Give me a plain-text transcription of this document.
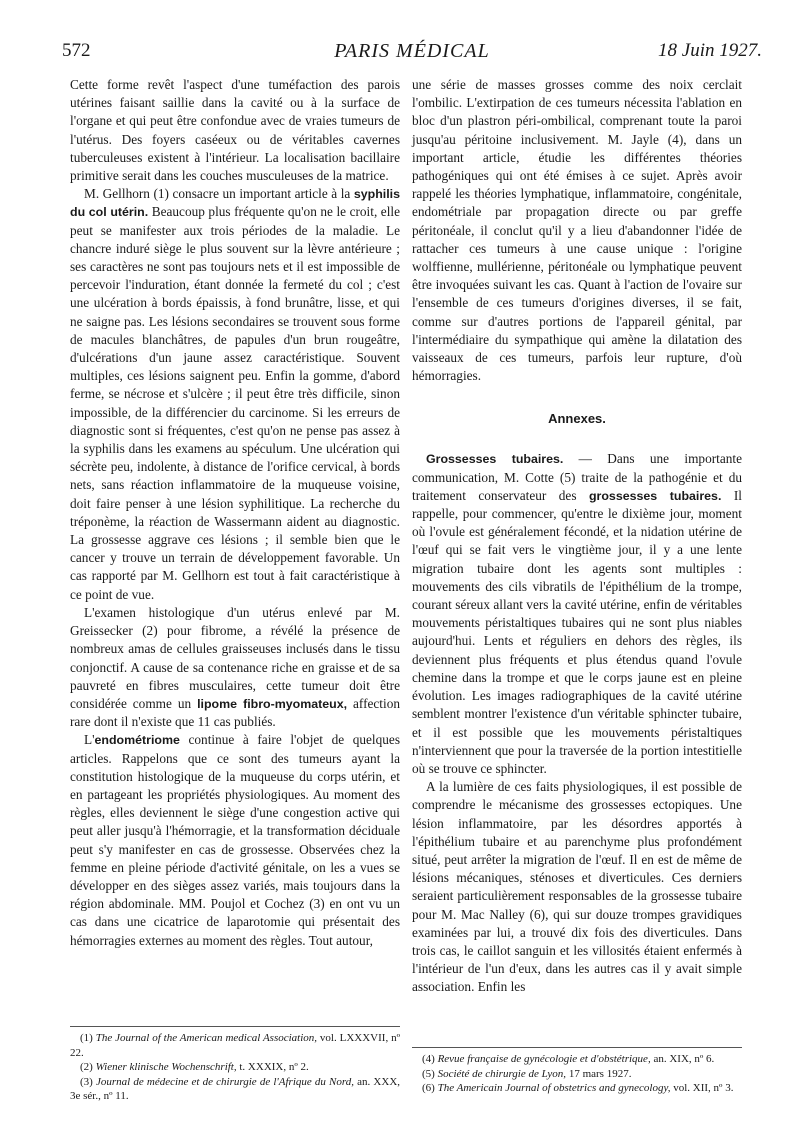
572	PARIS MÉDICAL	18 Juin 1927.

Cette forme revêt l'aspect d'une tuméfaction des parois utérines faisant saillie dans la cavité ou à la surface de l'organe et qui peut être confondue avec de vraies tumeurs de l'utérus. Des foyers caséeux ou de véritables cavernes tuberculeuses existent à l'intérieur. La localisation bacillaire primitive serait dans les couches musculeuses de la matrice.

M. Gellhorn (1) consacre un important article à la syphilis du col utérin. Beaucoup plus fréquente qu'on ne le croit, elle peut se manifester aux trois périodes de la maladie. Le chancre induré siège le plus souvent sur la lèvre antérieure ; ses caractères ne sont pas toujours nets et il est impossible de percevoir l'induration, étant donnée la fermeté du col ; c'est une ulcération à bords épaissis, à fond brunâtre, lisse, et qui ne saigne pas. Les lésions secondaires se trouvent sous forme de macules blanchâtres, de papules d'un brun rougeâtre, d'ulcérations d'un jaune assez caractéristique. Souvent multiples, ces lésions saignent peu. Enfin la gomme, d'abord ferme, se nécrose et s'ulcère ; il peut être très difficile, sinon impossible, de la différencier du carcinome. Si les erreurs de diagnostic sont si fréquentes, c'est qu'on ne pense pas assez à la syphilis dans les examens au spéculum. Une ulcération qui sécrète peu, indolente, à distance de l'orifice cervical, à bords nets, sans réaction inflammatoire de la muqueuse voisine, doit faire penser à une lésion syphilitique. La recherche du tréponème, la réaction de Wassermann aident au diagnostic. La grossesse aggrave ces lésions ; il semble bien que le cancer y trouve un terrain de développement favorable. Un cas rapporté par M. Gellhorn est tout à fait caractéristique à ce point de vue.

L'examen histologique d'un utérus enlevé par M. Greissecker (2) pour fibrome, a révélé la présence de nombreux amas de cellules graisseuses inclusés dans le tissu conjonctif. A cause de sa contenance riche en graisse et de sa pauvreté en fibres musculaires, cette tumeur doit être considérée comme un lipome fibro-myomateux, affection rare dont il n'existe que 11 cas publiés.

L'endométriome continue à faire l'objet de quelques articles. Rappelons que ce sont des tumeurs ayant la constitution histologique de la muqueuse du corps utérin, et en partageant les propriétés physiologiques. Au moment des règles, elles deviennent le siège d'une congestion active qui peut aller jusqu'à l'hémorragie, et la transformation déciduale peut s'y manifester en cas de grossesse. Observées chez la femme en pleine période d'activité génitale, on les a vues se développer en des sièges assez variés, mais toujours dans la région abdominale. MM. Poujol et Cochez (3) en ont vu un cas dans une cicatrice de laparotomie qui présentait des hémorragies externes au moment des règles. Tout autour,

une série de masses grosses comme des noix cerclait l'ombilic. L'extirpation de ces tumeurs nécessita l'ablation en bloc d'un plastron péri-ombilical, comprenant toute la paroi jusqu'au péritoine inclusivement. M. Jayle (4), dans un important article, étudie les différentes théories pathogéniques qui ont été émises à ce sujet. Après avoir rappelé les théories lymphatique, inflammatoire, congénitale, endométriale par propagation directe ou par greffe péritonéale, il conclut qu'il y a lieu d'abandonner l'idée de rattacher ces tumeurs à une cause unique : l'origine wolffienne, mullérienne, péritonéale ou lymphatique peuvent être invoquées suivant les cas. Quant à l'action de l'ovaire sur l'ensemble de ces tumeurs d'origines diverses, il se fait, comme sur d'autres portions de l'appareil génital, par l'intermédiaire du sympathique qui amène la dilatation des vaisseaux de ces tumeurs, parfois leur rupture, d'où hémorragies.

Annexes.

Grossesses tubaires. — Dans une importante communication, M. Cotte (5) traite de la pathogénie et du traitement conservateur des grossesses tubaires. Il rappelle, pour commencer, qu'entre le dixième jour, moment où l'ovule est généralement fécondé, et la nidation utérine de l'œuf qui se fait vers le vingtième jour, il y a une lente migration tubaire dont les agents sont multiples : mouvements des cils vibratils de l'épithélium de la trompe, courant séreux allant vers la cavité utérine, enfin de véritables mouvements péristaltiques tubaires qui ne sont plus niables aujourd'hui. Lents et réguliers en dehors des règles, ils deviennent plus fréquents et plus étendus quand l'ovule chemine dans la trompe et que le corps jaune est en pleine évolution. Les images radiographiques de la cavité utérine semblent montrer l'existence d'un véritable sphincter tubaire, et il est possible que les mouvements péristaltiques n'interviennent que pour la traversée de la portion intestitielle où se trouve ce sphincter.

A la lumière de ces faits physiologiques, il est possible de comprendre le mécanisme des grossesses ectopiques. Une lésion inflammatoire, par les désordres apportés à l'épithélium tubaire et au parenchyme plus profondément situé, peut arrêter la migration de l'œuf. Il en est de même de lésions mécaniques, sténoses et diverticules. Ces derniers seraient particulièrement responsables de la grossesse tubaire pour M. Mac Nalley (6), qui sur douze trompes gravidiques examinées par lui, a trouvé dix fois des diverticules. Dans trois cas, le caillot sanguin et les villosités étaient enfermés à l'intérieur de l'un d'eux, dans les autres cas il y avait simple association. Enfin les

(1) The Journal of the American medical Association, vol. LXXXVII, nº 22.

(2) Wiener klinische Wochenschrift, t. XXXIX, nº 2.

(3) Journal de médecine et de chirurgie de l'Afrique du Nord, an. XXX, 3e sér., nº 11.

(4) Revue française de gynécologie et d'obstétrique, an. XIX, nº 6.

(5) Société de chirurgie de Lyon, 17 mars 1927.

(6) The Americain Journal of obstetrics and gynecology, vol. XII, nº 3.
